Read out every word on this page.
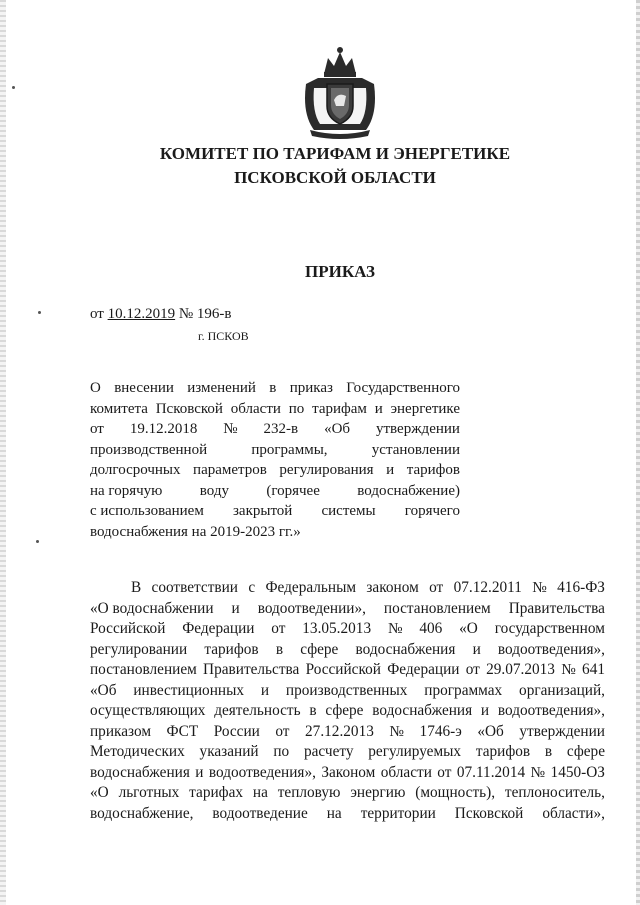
КОМИТЕТ ПО ТАРИФАМ И ЭНЕРГЕТИКЕ
ПСКОВСКОЙ ОБЛАСТИ
ПРИКАЗ
от 10.12.2019 № 196-в
г. ПСКОВ
О внесении изменений в приказ Государственного
комитета Псковской области по тарифам и энергетике
от 19.12.2018 № 232-в «Об утверждении
производственной	программы,	установлении
долгосрочных параметров регулирования и тарифов
на горячую воду (горячее водоснабжение)
с использованием закрытой системы горячего
водоснабжения на 2019-2023 гг.»
В соответствии с Федеральным законом от 07.12.2011 № 416-ФЗ
«О водоснабжении и водоотведении», постановлением Правительства
Российской Федерации от 13.05.2013 № 406 «О государственном
регулировании тарифов в сфере водоснабжения и водоотведения»,
постановлением Правительства Российской Федерации от 29.07.2013 № 641
«Об инвестиционных и производственных программах организаций,
осуществляющих деятельность в сфере водоснабжения и водоотведения»,
приказом ФСТ России от 27.12.2013 № 1746-э «Об утверждении
Методических указаний по расчету регулируемых тарифов в сфере
водоснабжения и водоотведения», Законом области от 07.11.2014 № 1450-ОЗ
«О льготных тарифах на тепловую энергию (мощность), теплоноситель,
водоснабжение, водоотведение на территории Псковской области»,
